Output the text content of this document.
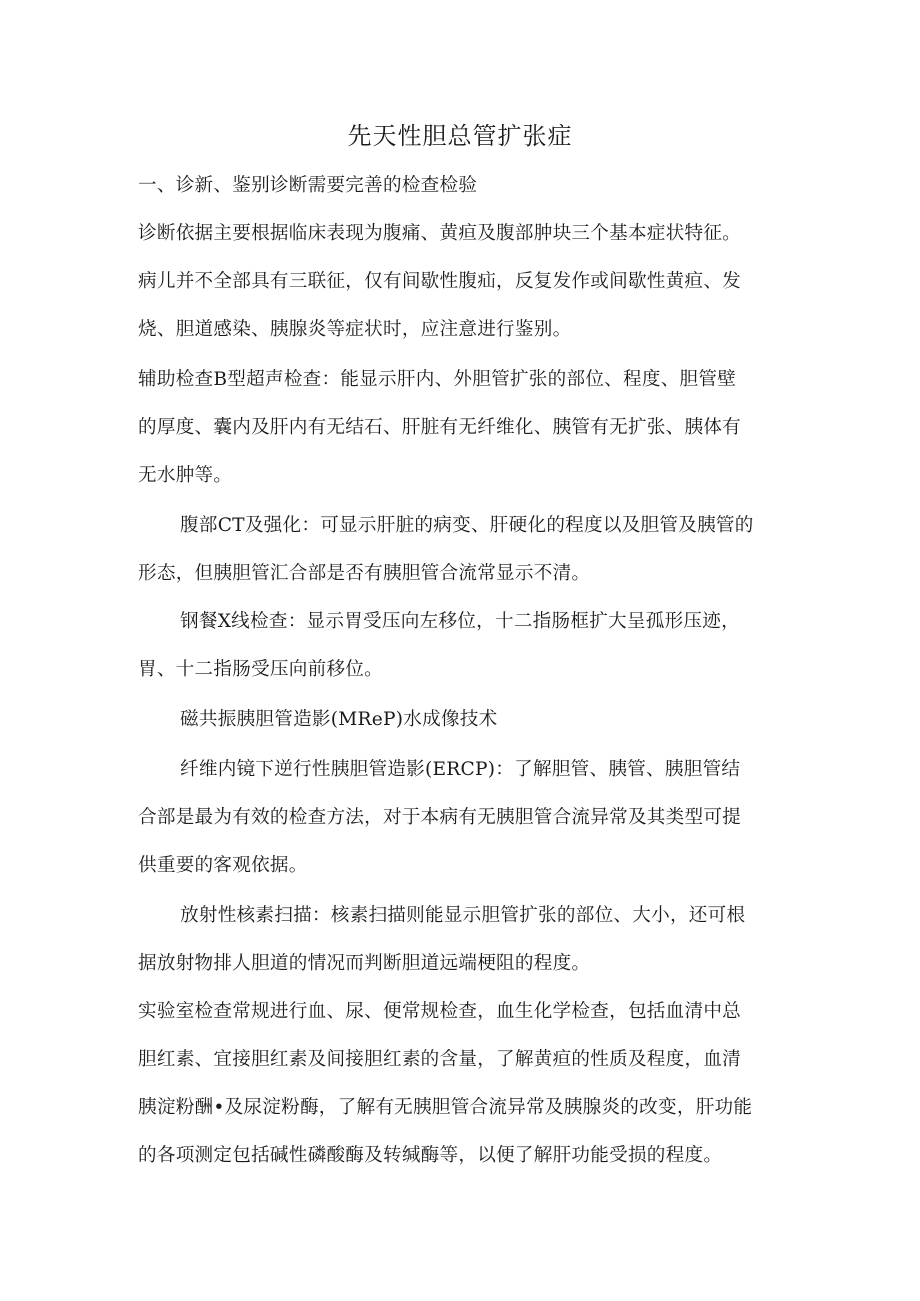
先天性胆总管扩张症
一、诊新、鉴别诊断需要完善的检查检验
诊断依据主要根据临床表现为腹痛、黄疸及腹部肿块三个基本症状特征。
病儿并不全部具有三联征，仅有间歇性腹疝，反复发作或间歇性黄疸、发
烧、胆道感染、胰腺炎等症状时，应注意进行鉴别。
辅助检查B型超声检查：能显示肝内、外胆管扩张的部位、程度、胆管壁
的厚度、囊内及肝内有无结石、肝脏有无纤维化、胰管有无扩张、胰体有
无水肿等。
腹部CT及强化：可显示肝脏的病变、肝硬化的程度以及胆管及胰管的
形态，但胰胆管汇合部是否有胰胆管合流常显示不清。
钢餐X线检查：显示胃受压向左移位，十二指肠框扩大呈孤形压迹，
胃、十二指肠受压向前移位。
磁共振胰胆管造影(MReP)水成像技术
纤维内镜下逆行性胰胆管造影(ERCP)：了解胆管、胰管、胰胆管结
合部是最为有效的检查方法，对于本病有无胰胆管合流异常及其类型可提
供重要的客观依据。
放射性核素扫描：核素扫描则能显示胆管扩张的部位、大小，还可根
据放射物排人胆道的情况而判断胆道远端梗阻的程度。
实验室检查常规进行血、尿、便常规检查，血生化学检查，包括血清中总
胆红素、宜接胆红素及间接胆红素的含量，了解黄疸的性质及程度，血清
胰淀粉酬•及尿淀粉酶，了解有无胰胆管合流异常及胰腺炎的改变，肝功能
的各项测定包括碱性磷酸酶及转缄酶等，以便了解肝功能受损的程度。
